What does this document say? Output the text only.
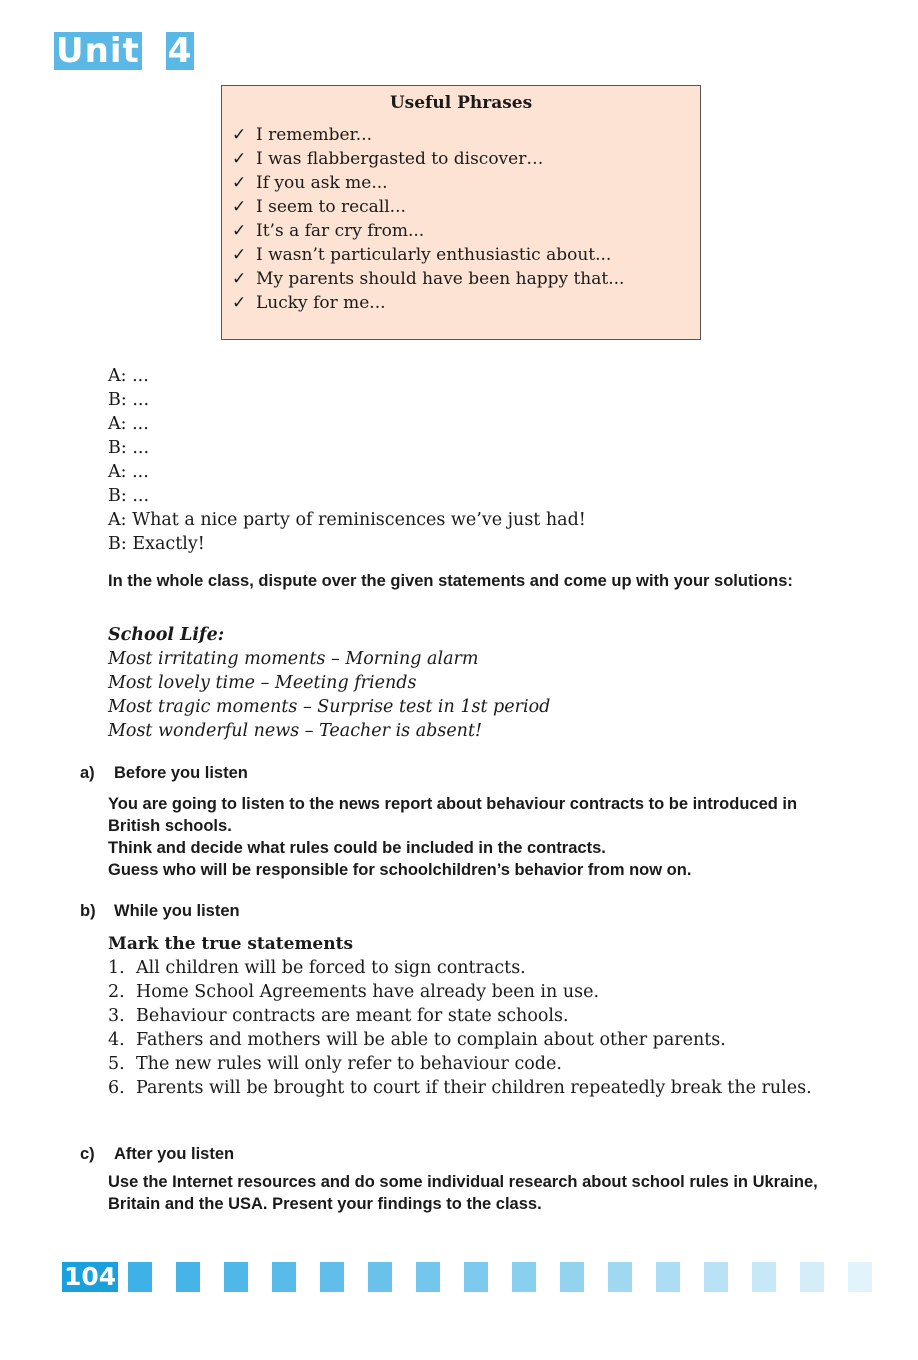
Unit 4
Useful Phrases
✓ I remember...
✓ I was flabbergasted to discover…
✓ If you ask me...
✓ I seem to recall...
✓ It’s a far cry from...
✓ I wasn’t particularly enthusiastic about...
✓ My parents should have been happy that...
✓ Lucky for me...
A: ...
B: ...
A: ...
B: ...
A: ...
B: ...
A: What a nice party of reminiscences we’ve just had!
B: Exactly!
In the whole class, dispute over the given statements and come up with your solutions:
School Life:
Most irritating moments – Morning alarm
Most lovely time – Meeting friends
Most tragic moments – Surprise test in 1st period
Most wonderful news – Teacher is absent!
a) Before you listen
You are going to listen to the news report about behaviour contracts to be introduced in British schools.
Think and decide what rules could be included in the contracts.
Guess who will be responsible for schoolchildren’s behavior from now on.
b) While you listen
Mark the true statements
1. All children will be forced to sign contracts.
2. Home School Agreements have already been in use.
3. Behaviour contracts are meant for state schools.
4. Fathers and mothers will be able to complain about other parents.
5. The new rules will only refer to behaviour code.
6. Parents will be brought to court if their children repeatedly break the rules.
c) After you listen
Use the Internet resources and do some individual research about school rules in Ukraine, Britain and the USA. Present your findings to the class.
104
